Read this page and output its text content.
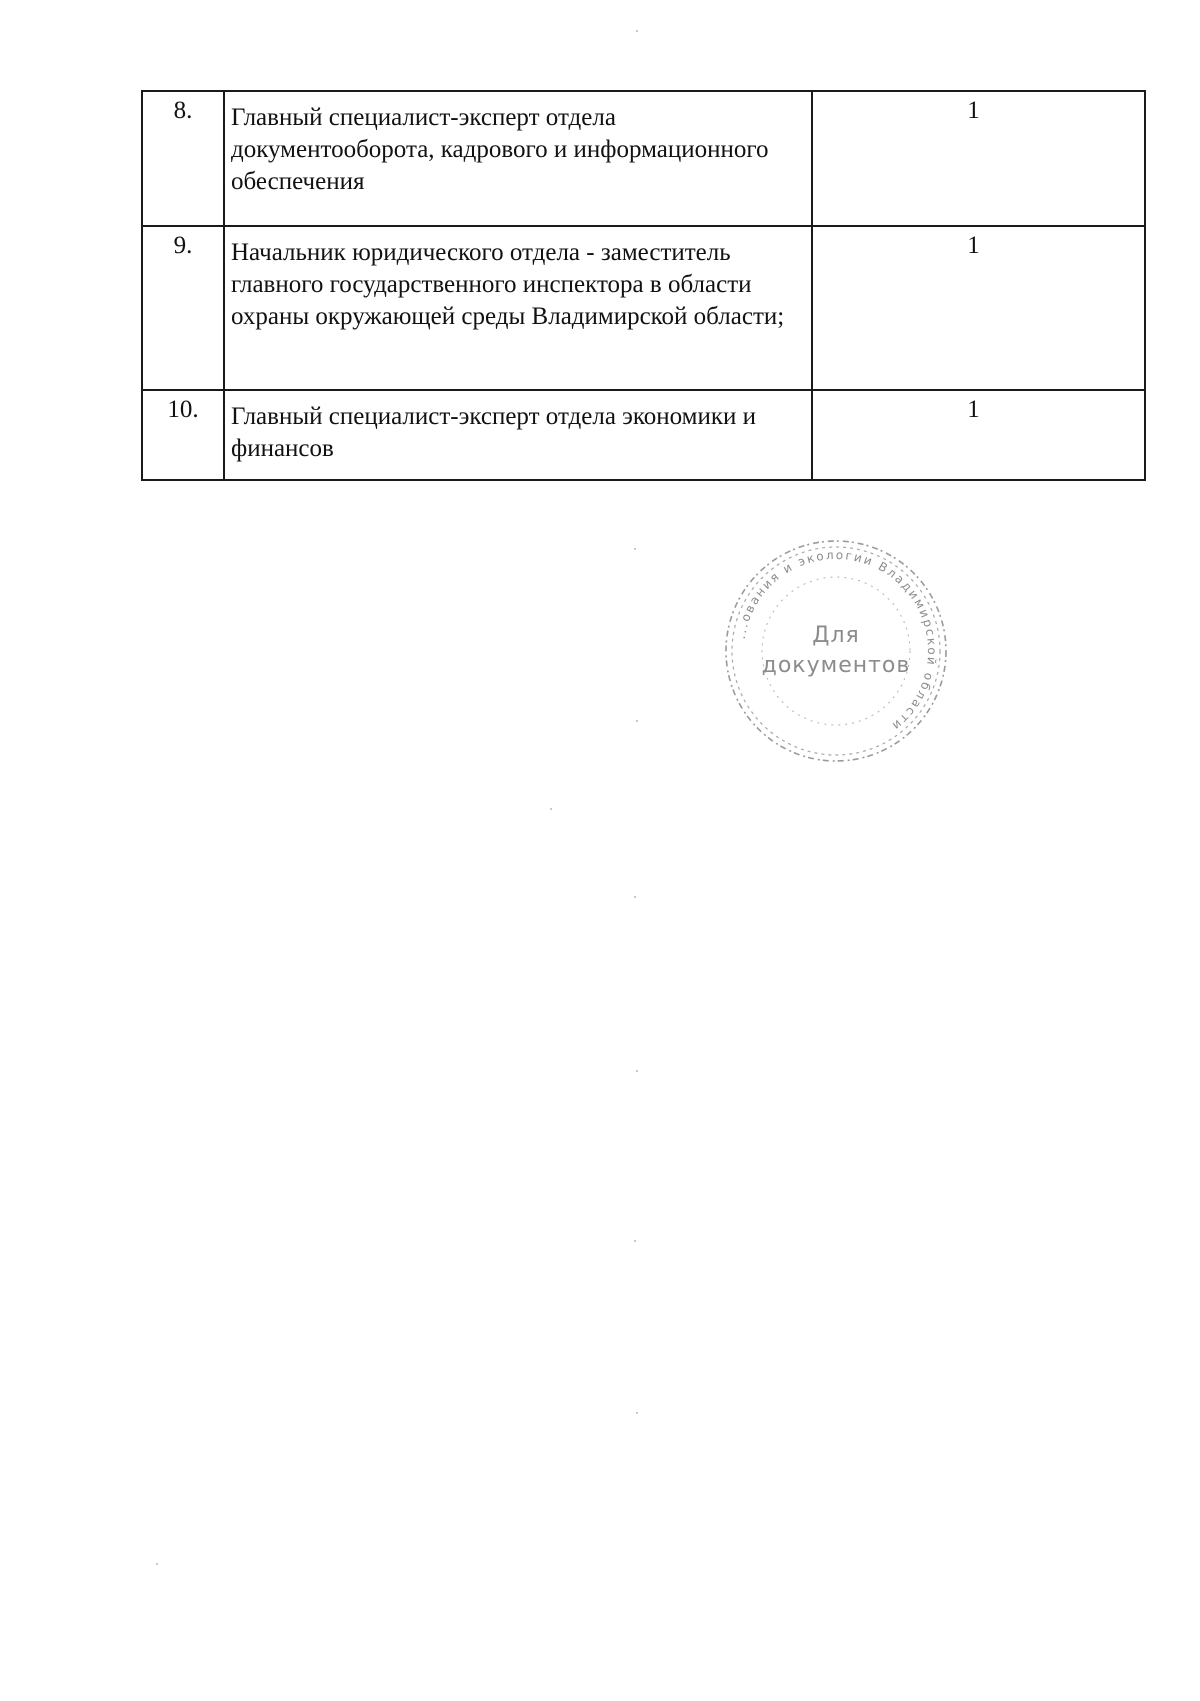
8.	Главный специалист-эксперт отдела документооборота, кадрового и информационного обеспечения	1
9.	Начальник юридического отдела - заместитель главного государственного инспектора в области охраны окружающей среды Владимирской области;	1
10.	Главный специалист-эксперт отдела экономики и финансов	1
...ования и экологии Владимирской области
Для
документов
